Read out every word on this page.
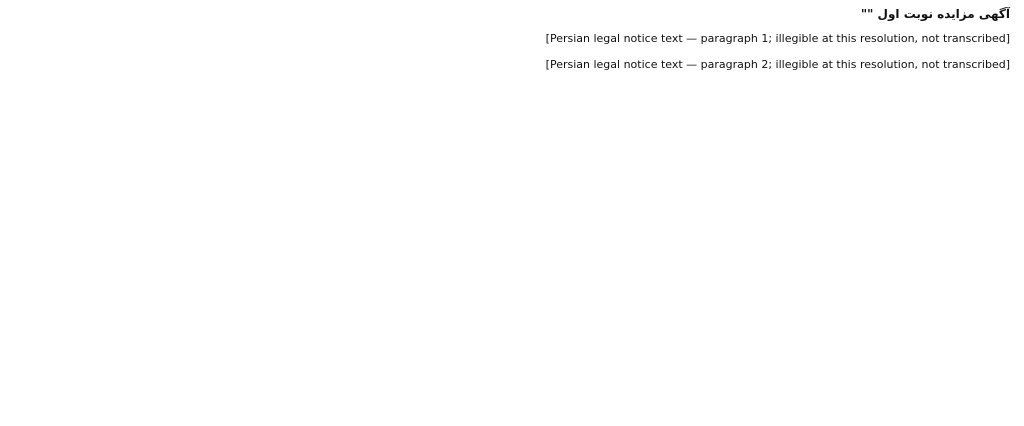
آگهی مزایده نوبت اول ""

[Persian legal notice text — paragraph 1; illegible at this resolution, not transcribed]

[Persian legal notice text — paragraph 2; illegible at this resolution, not transcribed]
